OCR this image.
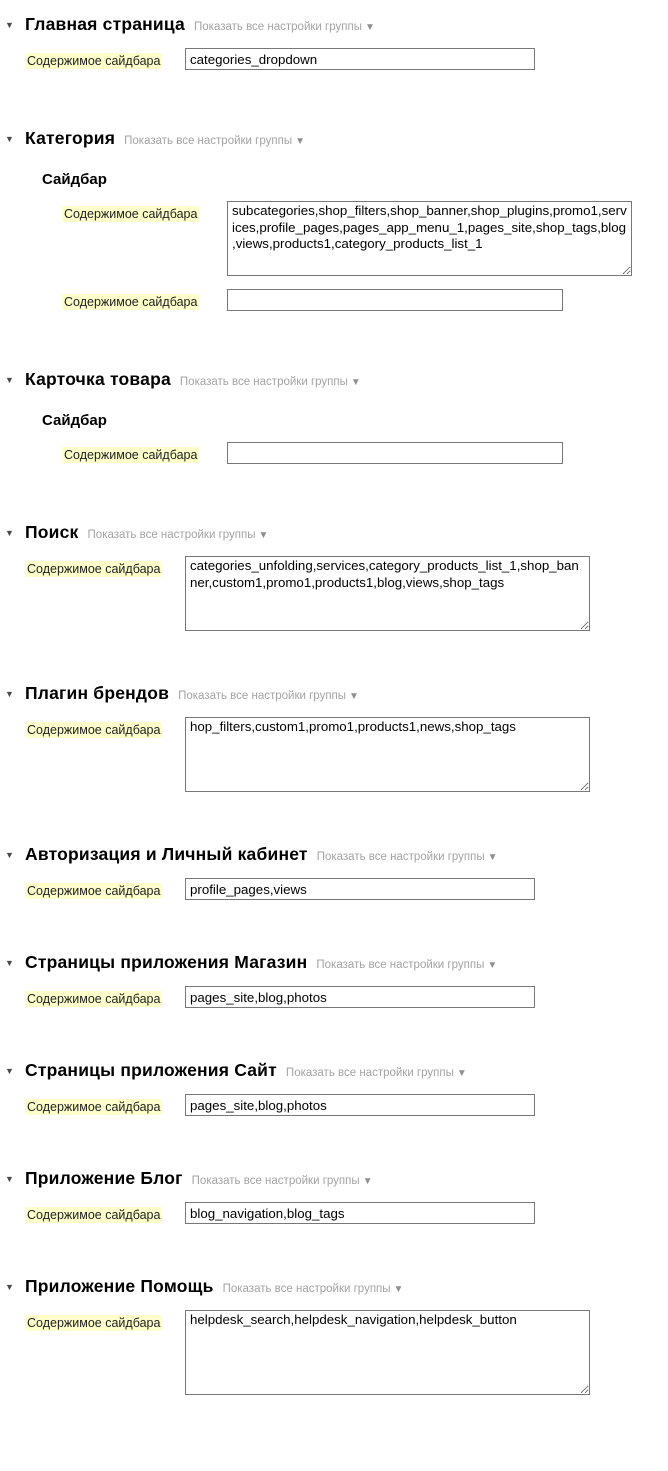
▼ Главная страница Показать все настройки группы ▼
Содержимое сайдбара
categories_dropdown
▼ Категория Показать все настройки группы ▼
Сайдбар
Содержимое сайдбара
subcategories,shop_filters,shop_banner,shop_plugins,promo1,services,profile_pages,pages_app_menu_1,pages_site,shop_tags,blog,views,products1,category_products_list_1
Содержимое сайдбара
▼ Карточка товара Показать все настройки группы ▼
Сайдбар
Содержимое сайдбара
▼ Поиск Показать все настройки группы ▼
Содержимое сайдбара
categories_unfolding,services,category_products_list_1,shop_banner,custom1,promo1,products1,blog,views,shop_tags
▼ Плагин брендов Показать все настройки группы ▼
Содержимое сайдбара
hop_filters,custom1,promo1,products1,news,shop_tags
▼ Авторизация и Личный кабинет Показать все настройки группы ▼
Содержимое сайдбара
profile_pages,views
▼ Страницы приложения Магазин Показать все настройки группы ▼
Содержимое сайдбара
pages_site,blog,photos
▼ Страницы приложения Сайт Показать все настройки группы ▼
Содержимое сайдбара
pages_site,blog,photos
▼ Приложение Блог Показать все настройки группы ▼
Содержимое сайдбара
blog_navigation,blog_tags
▼ Приложение Помощь Показать все настройки группы ▼
Содержимое сайдбара
helpdesk_search,helpdesk_navigation,helpdesk_button
